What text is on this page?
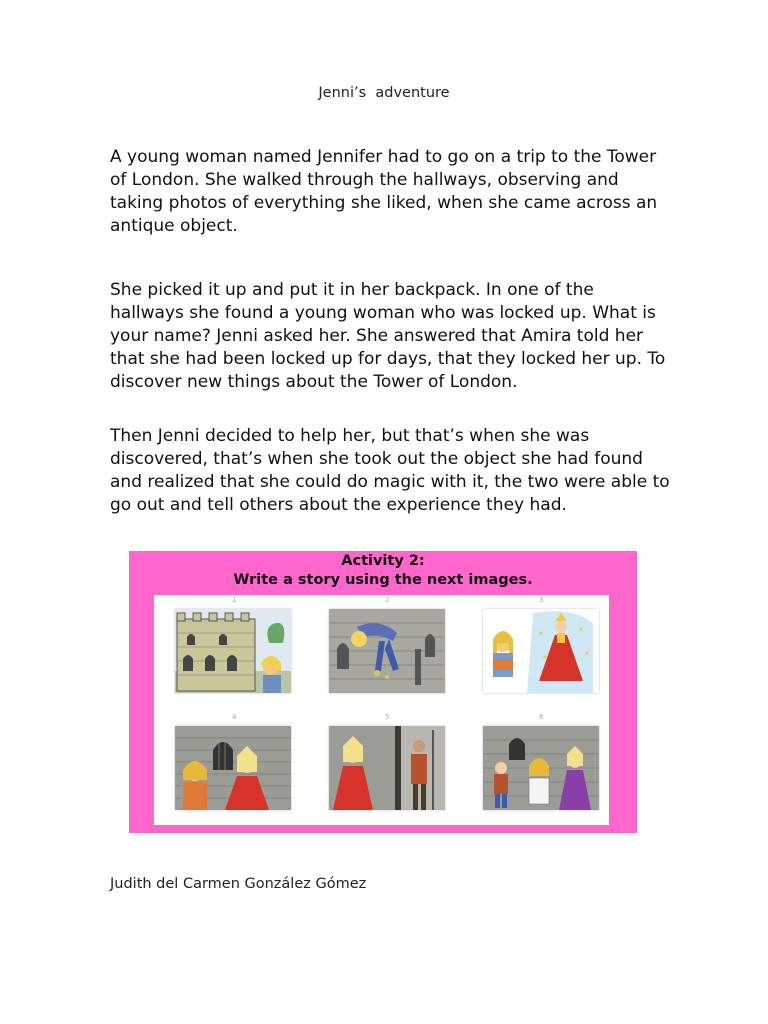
Jenni’s  adventure

A young woman named Jennifer had to go on a trip to the Tower of London. She walked through the hallways, observing and taking photos of everything she liked, when she came across an antique object.

She picked it up and put it in her backpack. In one of the hallways she found a young woman who was locked up. What is your name? Jenni asked her. She answered that Amira told her that she had been locked up for days, that they locked her up. To discover new things about the Tower of London.

Then Jenni decided to help her, but that’s when she was discovered, that’s when she took out the object she had found and realized that she could do magic with it, the two were able to go out and tell others about the experience they had.

Activity 2:
Write a story using the next images.
1	2	3
4	5	6
Judith del Carmen González Gómez
